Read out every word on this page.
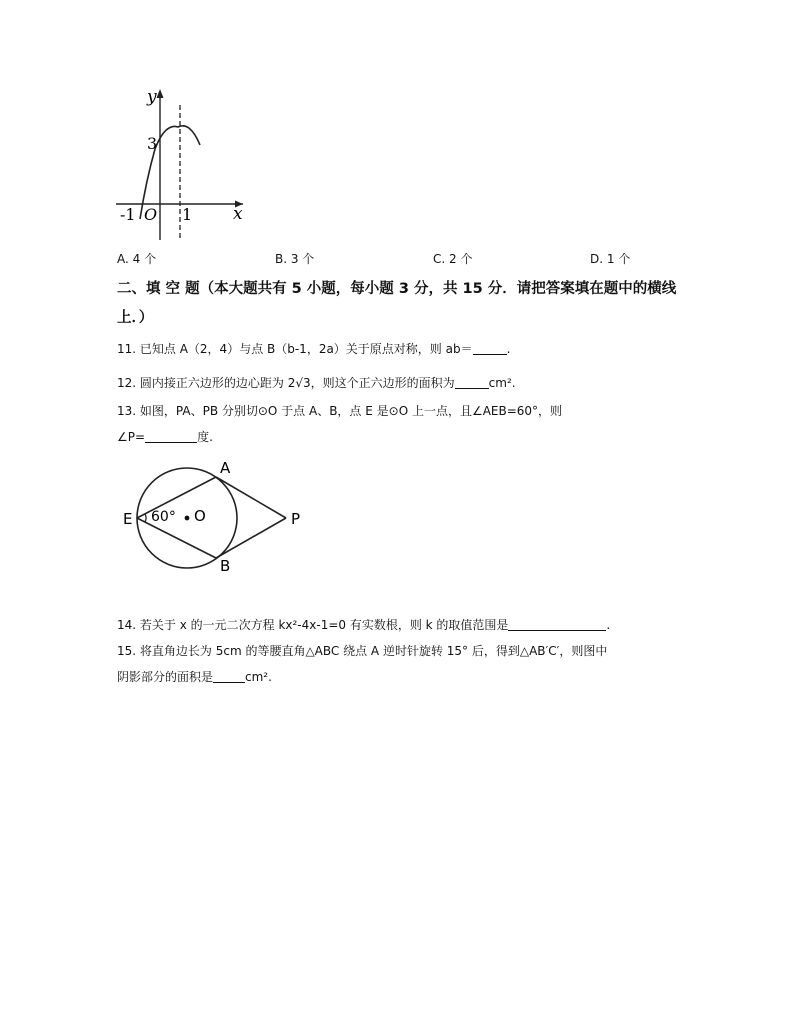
y
x
3
-1 O 1
A. 4 个	B. 3 个	C. 2 个	D. 1 个
二、填 空 题（本大题共有 5 小题，每小题 3 分，共 15 分．请把答案填在题中的横线上．）
11. 已知点 A（2，4）与点 B（b-1，2a）关于原点对称，则 ab＝	.
12. 圆内接正六边形的边心距为 2√3，则这个正六边形的面积为	cm².
13. 如图，PA、PB 分别切⊙O 于点 A、B，点 E 是⊙O 上一点，且∠AEB=60°，则
∠P=	度.
A
B
E	P
O
60°
14. 若关于 x 的一元二次方程 kx²-4x-1=0 有实数根，则 k 的取值范围是	.
15. 将直角边长为 5cm 的等腰直角△ABC 绕点 A 逆时针旋转 15° 后，得到△AB′C′，则图中
阴影部分的面积是	cm².
